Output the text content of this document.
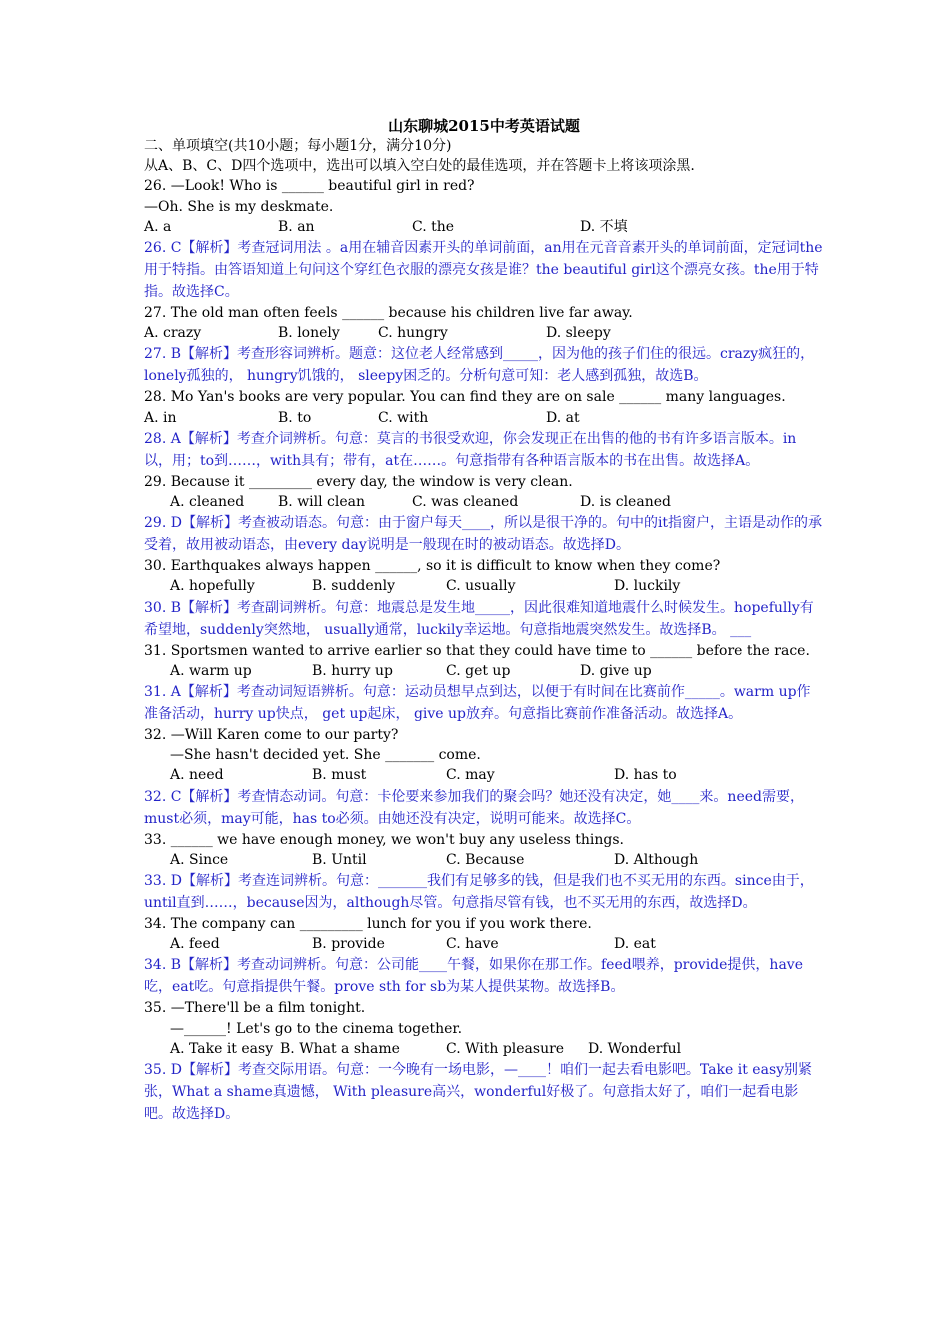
山东聊城2015中考英语试题
二、单项填空(共10小题；每小题1分，满分10分)
从A、B、C、D四个选项中，选出可以填入空白处的最佳选项，并在答题卡上将该项涂黑.
26. —Look! Who is ______ beautiful girl in red?
—Oh. She is my deskmate.
A. a	B. an	C. the	D. 不填
26. C【解析】考查冠词用法 。a用在辅音因素开头的单词前面，an用在元音音素开头的单词前面，定冠词the用于特指。由答语知道上句问这个穿红色衣服的漂亮女孩是谁？the beautiful girl这个漂亮女孩。the用于特指。故选择C。
27. The old man often feels ______ because his children live far away.
A. crazy	B. lonely	C. hungry	D. sleepy
27. B【解析】考查形容词辨析。题意：这位老人经常感到_____，因为他的孩子们住的很远。crazy疯狂的， lonely孤独的， hungry饥饿的， sleepy困乏的。分析句意可知：老人感到孤独，故选B。
28. Mo Yan's books are very popular. You can find they are on sale ______ many languages.
A. in	B. to	C. with	D. at
28. A【解析】考查介词辨析。句意：莫言的书很受欢迎，你会发现正在出售的他的书有许多语言版本。in以，用；to到……，with具有；带有，at在……。句意指带有各种语言版本的书在出售。故选择A。
29. Because it _________ every day, the window is very clean.
A. cleaned	B. will clean	C. was cleaned	D. is cleaned
29. D【解析】考查被动语态。句意：由于窗户每天____，所以是很干净的。句中的it指窗户，主语是动作的承受着，故用被动语态，由every day说明是一般现在时的被动语态。故选择D。
30. Earthquakes always happen ______, so it is difficult to know when they come?
A. hopefully	B. suddenly	C. usually	D. luckily
30. B【解析】考查副词辨析。句意：地震总是发生地_____，因此很难知道地震什么时候发生。hopefully有希望地，suddenly突然地， usually通常，luckily幸运地。句意指地震突然发生。故选择B。 ___
31. Sportsmen wanted to arrive earlier so that they could have time to ______ before the race.
A. warm up	B. hurry up	C. get up	D. give up
31. A【解析】考查动词短语辨析。句意：运动员想早点到达，以便于有时间在比赛前作_____。warm up作准备活动，hurry up快点， get up起床， give up放弃。句意指比赛前作准备活动。故选择A。
32. —Will Karen come to our party?
—She hasn't decided yet. She _______ come.
A. need	B. must	C. may	D. has to
32. C【解析】考查情态动词。句意：卡伦要来参加我们的聚会吗？她还没有决定，她____来。need需要，must必须，may可能，has to必须。由她还没有决定，说明可能来。故选择C。
33. ______ we have enough money, we won't buy any useless things.
A. Since	B. Until	C. Because	D. Although
33. D【解析】考查连词辨析。句意：_______我们有足够多的钱，但是我们也不买无用的东西。since由于， until直到……，because因为，although尽管。句意指尽管有钱，也不买无用的东西，故选择D。
34. The company can _________ lunch for you if you work there.
A. feed	B. provide	C. have	D. eat
34. B【解析】考查动词辨析。句意：公司能____午餐，如果你在那工作。feed喂养，provide提供，have吃，eat吃。句意指提供午餐。prove sth for sb为某人提供某物。故选择B。
35. —There'll be a film tonight.
—______! Let's go to the cinema together.
A. Take it easy B. What a shame	C. With pleasure	D. Wonderful
35. D【解析】考查交际用语。句意：一今晚有一场电影，—____！咱们一起去看电影吧。Take it easy别紧张，What a shame真遗憾， With pleasure高兴，wonderful好极了。句意指太好了，咱们一起看电影吧。故选择D。
